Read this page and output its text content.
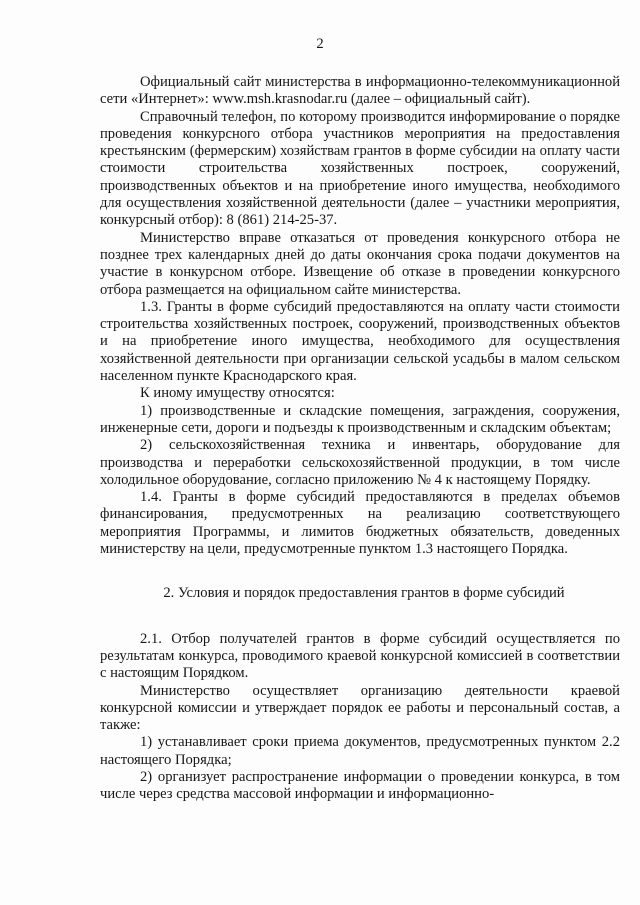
2

Официальный сайт министерства в информационно-телекоммуникационной сети «Интернет»: www.msh.krasnodar.ru (далее – официальный сайт).

Справочный телефон, по которому производится информирование о порядке проведения конкурсного отбора участников мероприятия на предоставления крестьянским (фермерским) хозяйствам грантов в форме субсидии на оплату части стоимости строительства хозяйственных построек, сооружений, производственных объектов и на приобретение иного имущества, необходимого для осуществления хозяйственной деятельности (далее – участники мероприятия, конкурсный отбор): 8 (861) 214-25-37.

Министерство вправе отказаться от проведения конкурсного отбора не позднее трех календарных дней до даты окончания срока подачи документов на участие в конкурсном отборе. Извещение об отказе в проведении конкурсного отбора размещается на официальном сайте министерства.

1.3. Гранты в форме субсидий предоставляются на оплату части стоимости строительства хозяйственных построек, сооружений, производственных объектов и на приобретение иного имущества, необходимого для осуществления хозяйственной деятельности при организации сельской усадьбы в малом сельском населенном пункте Краснодарского края.

К иному имуществу относятся:

1) производственные и складские помещения, заграждения, сооружения, инженерные сети, дороги и подъезды к производственным и складским объектам;

2) сельскохозяйственная техника и инвентарь, оборудование для производства и переработки сельскохозяйственной продукции, в том числе холодильное оборудование, согласно приложению № 4 к настоящему Порядку.

1.4. Гранты в форме субсидий предоставляются в пределах объемов финансирования, предусмотренных на реализацию соответствующего мероприятия Программы, и лимитов бюджетных обязательств, доведенных министерству на цели, предусмотренные пунктом 1.3 настоящего Порядка.

2. Условия и порядок предоставления грантов в форме субсидий

2.1. Отбор получателей грантов в форме субсидий осуществляется по результатам конкурса, проводимого краевой конкурсной комиссией в соответствии с настоящим Порядком.

Министерство осуществляет организацию деятельности краевой конкурсной комиссии и утверждает порядок ее работы и персональный состав, а также:

1) устанавливает сроки приема документов, предусмотренных пунктом 2.2 настоящего Порядка;

2) организует распространение информации о проведении конкурса, в том числе через средства массовой информации и информационно-
